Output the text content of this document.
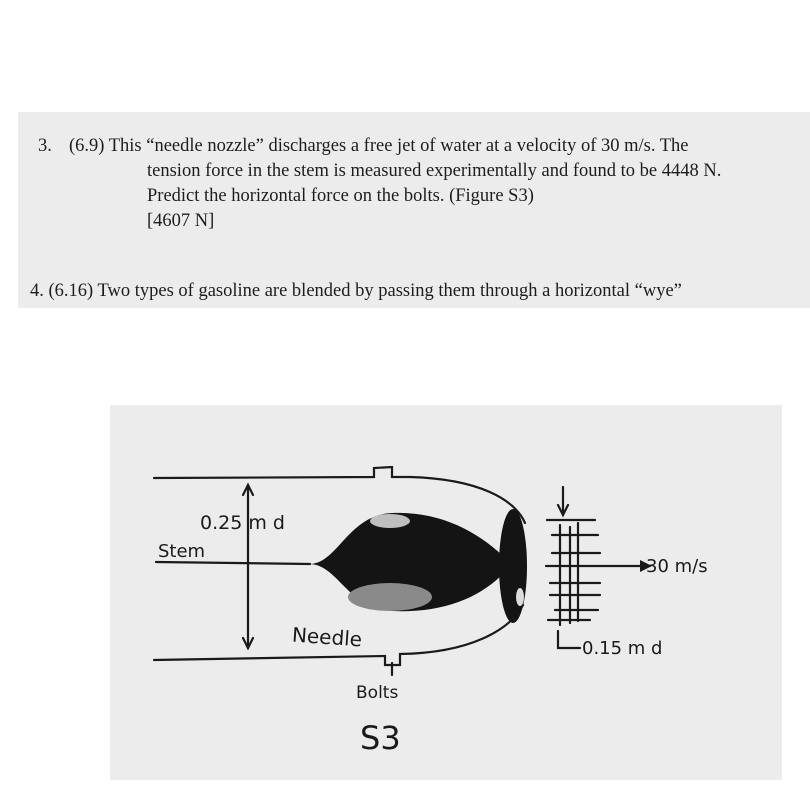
3. (6.9) This “needle nozzle” discharges a free jet of water at a velocity of 30 m/s. The

tension force in the stem is measured experimentally and found to be 4448 N.
Predict the horizontal force on the bolts. (Figure S3)
[4607 N]
4. (6.16) Two types of gasoline are blended by passing them through a horizontal “wye”
0.25 m d
Stem
Needle
30 m/s
0.15 m d
Bolts
S3
